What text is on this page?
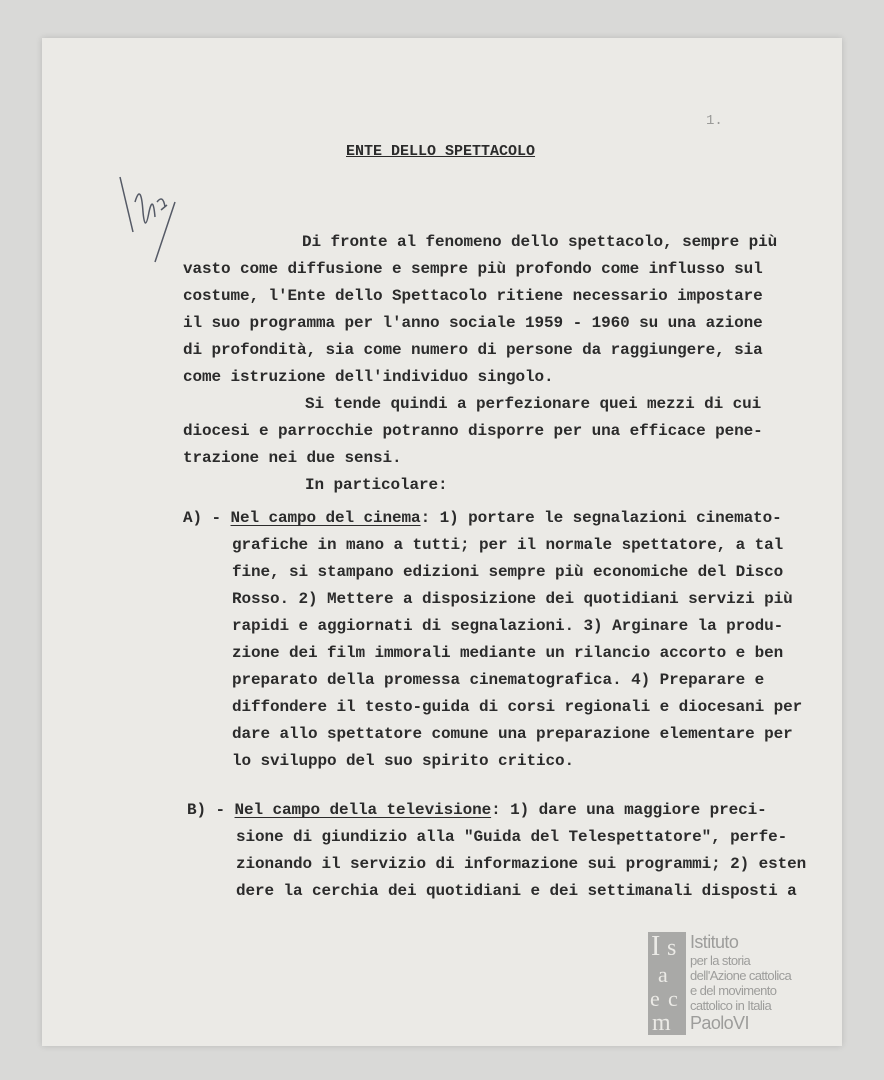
1.
ENTE DELLO SPETTACOLO
Di fronte al fenomeno dello spettacolo, sempre più
vasto come diffusione e sempre più profondo come influsso sul
costume, l'Ente dello Spettacolo ritiene necessario impostare
il suo programma per l'anno sociale 1959 - 1960 su una azione
di profondità, sia come numero di persone da raggiungere, sia
come istruzione dell'individuo singolo.
Si tende quindi a perfezionare quei mezzi di cui
diocesi e parrocchie potranno disporre per una efficace pene-
trazione nei due sensi.
In particolare:
A) - Nel campo del cinema: 1) portare le segnalazioni cinemato-
grafiche in mano a tutti; per il normale spettatore, a tal
fine, si stampano edizioni sempre più economiche del Disco
Rosso. 2) Mettere a disposizione dei quotidiani servizi più
rapidi e aggiornati di segnalazioni. 3) Arginare la produ-
zione dei film immorali mediante un rilancio accorto e ben
preparato della promessa cinematografica. 4) Preparare e
diffondere il testo-guida di corsi regionali e diocesani per
dare allo spettatore comune una preparazione elementare per
lo sviluppo del suo spirito critico.
B) - Nel campo della televisione: 1) dare una maggiore preci-
sione di giundizio alla "Guida del Telespettatore", perfe-
zionando il servizio di informazione sui programmi; 2) esten
dere la cerchia dei quotidiani e dei settimanali disposti a
I s
a
e c
m
Istituto
per la storia
dell'Azione cattolica
e del movimento
cattolico in Italia
PaoloVI
